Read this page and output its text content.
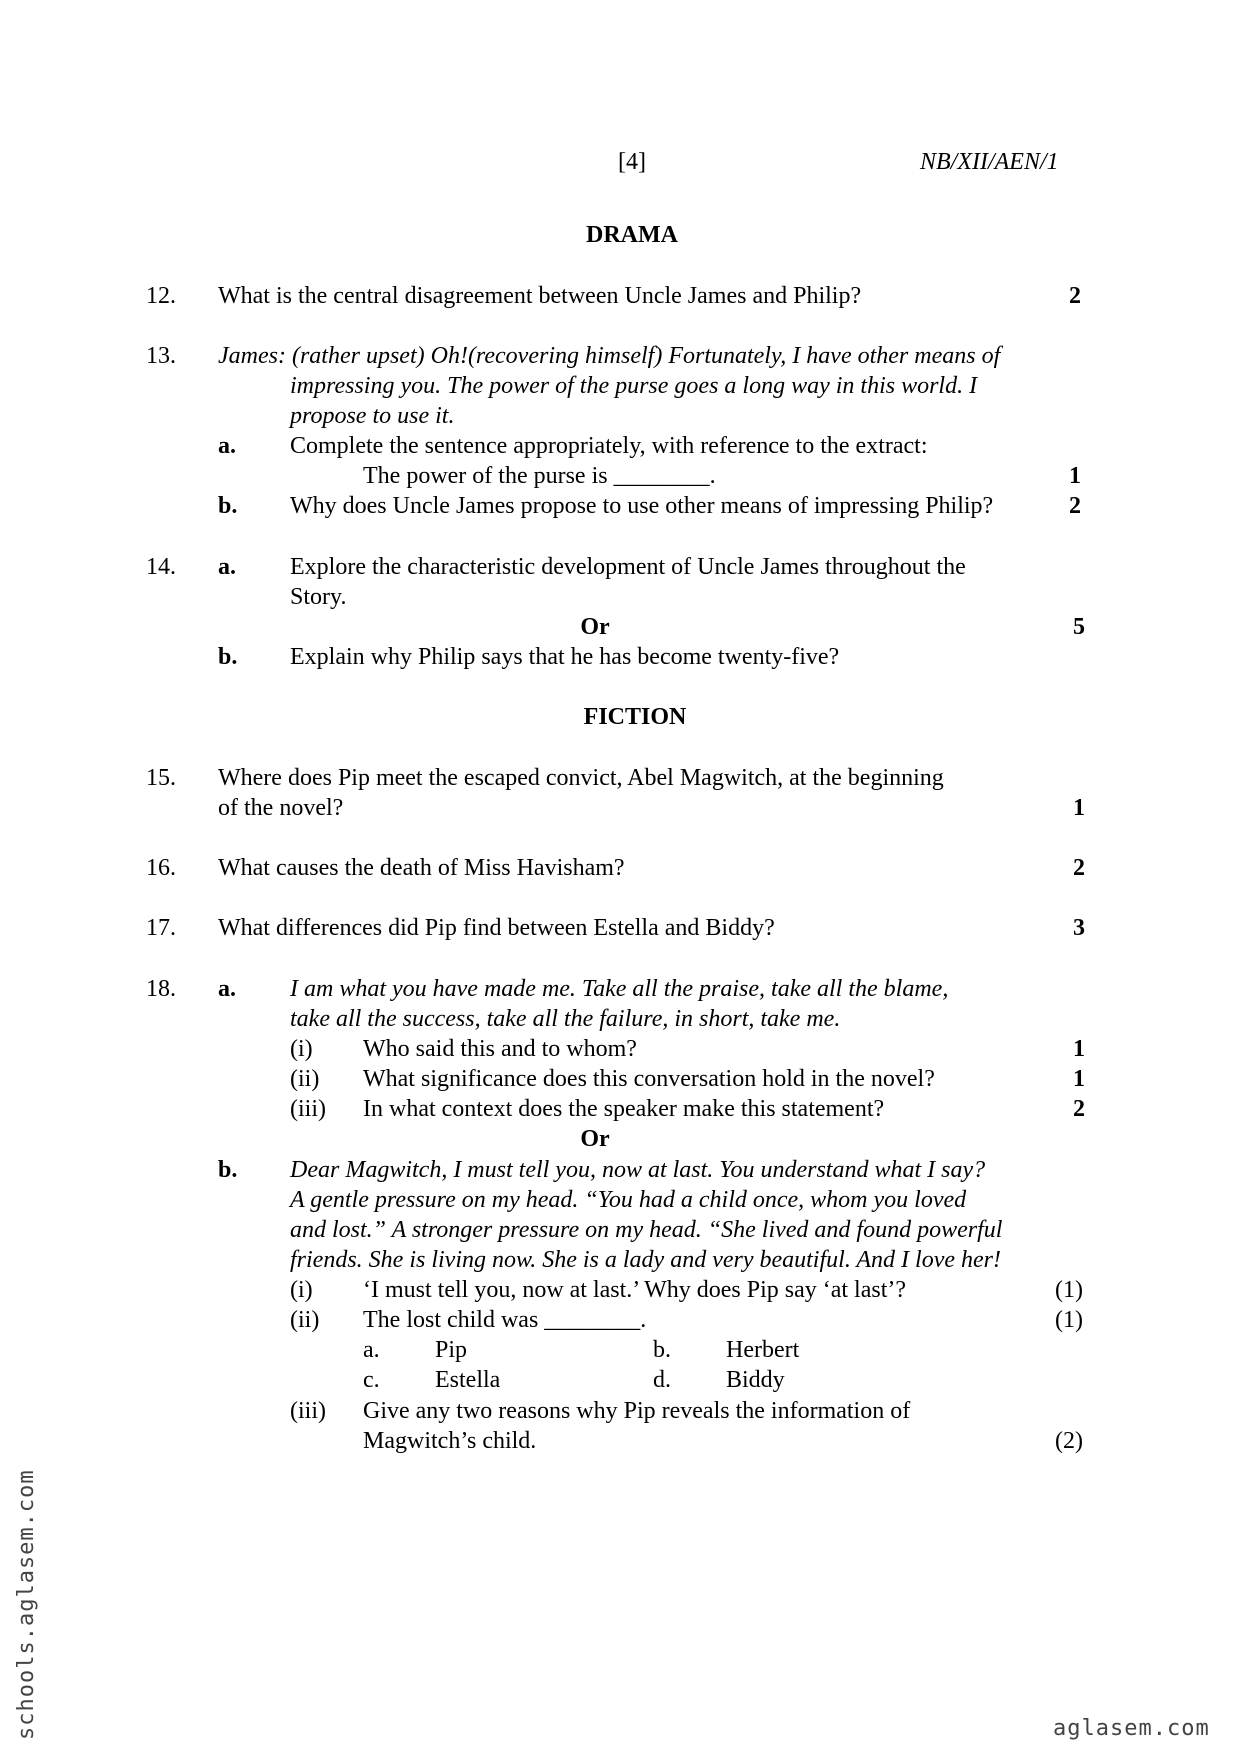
[4]	NB/XII/AEN/1
DRAMA
12. What is the central disagreement between Uncle James and Philip?	2
13. James: (rather upset) Oh!(recovering himself) Fortunately, I have other means of
impressing you. The power of the purse goes a long way in this world. I
propose to use it.
a. Complete the sentence appropriately, with reference to the extract:
The power of the purse is ________.	1
b. Why does Uncle James propose to use other means of impressing Philip?	2
14. a. Explore the characteristic development of Uncle James throughout the
Story.
Or	5
b. Explain why Philip says that he has become twenty-five?
FICTION
15. Where does Pip meet the escaped convict, Abel Magwitch, at the beginning
of the novel?	1
16. What causes the death of Miss Havisham?	2
17. What differences did Pip find between Estella and Biddy?	3
18. a. I am what you have made me. Take all the praise, take all the blame,
take all the success, take all the failure, in short, take me.
(i) Who said this and to whom?	1
(ii) What significance does this conversation hold in the novel?	1
(iii) In what context does the speaker make this statement?	2
Or
b. Dear Magwitch, I must tell you, now at last. You understand what I say?
A gentle pressure on my head. “You had a child once, whom you loved
and lost.” A stronger pressure on my head. “She lived and found powerful
friends. She is living now. She is a lady and very beautiful. And I love her!
(i) ‘I must tell you, now at last.’ Why does Pip say ‘at last’?	(1)
(ii) The lost child was ________.	(1)
a. Pip	b. Herbert
c. Estella	d. Biddy
(iii) Give any two reasons why Pip reveals the information of
Magwitch’s child.	(2)
schools.aglasem.com	aglasem.com
